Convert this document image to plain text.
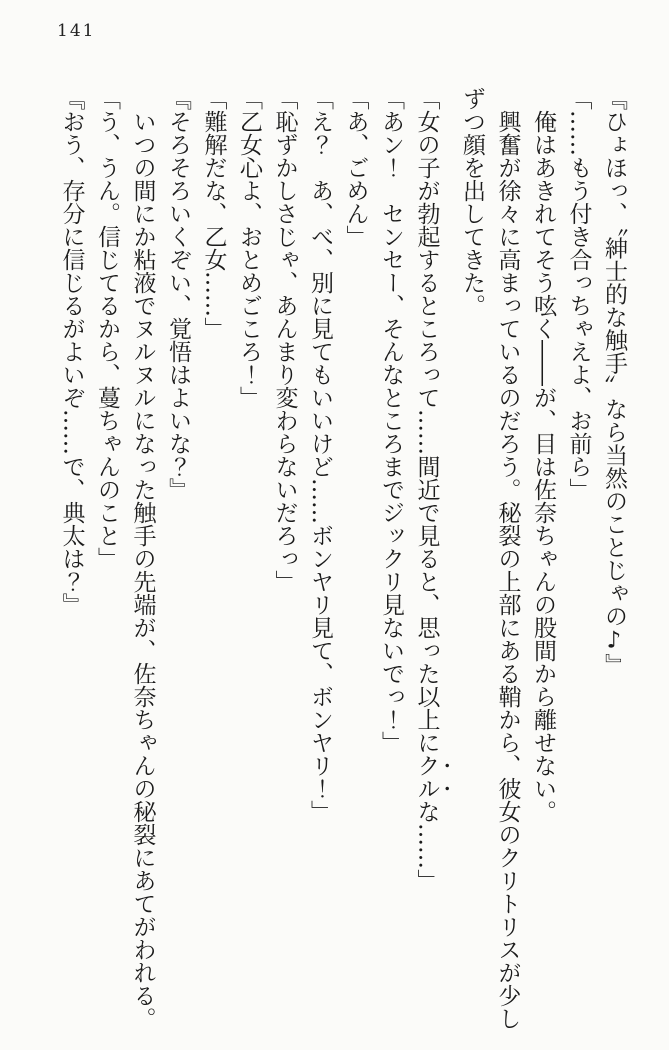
141

『ひょほっ、〝紳士的な触手〞なら当然のことじゃの♪』

「……もう付き合っちゃえよ、お前ら」

俺はあきれてそう呟く――が、目は佐奈ちゃんの股間から離せない。

興奮が徐々に高まっているのだろう。秘裂の上部にある鞘から、彼女のクリトリスが少しずつ顔を出してきた。

「女の子が勃起するところって……間近で見ると、思った以上にクルな……」

「あン！　センセー、そんなところまでジックリ見ないでっ！」

「あ、ごめん」

「え？　あ、べ、別に見てもいいけど……ボンヤリ見て、ボンヤリ！」

「恥ずかしさじゃ、あんまり変わらないだろっ」

「乙女心よ、おとめごころ！」

「難解だな、乙女……」

『そろそろいくぞい、覚悟はよいな？』

いつの間にか粘液でヌルヌルになった触手の先端が、佐奈ちゃんの秘裂にあてがわれる。

「う、うん。信じてるから、蔓ちゃんのこと」

『おう、存分に信じるがよいぞ……で、典太は？』
